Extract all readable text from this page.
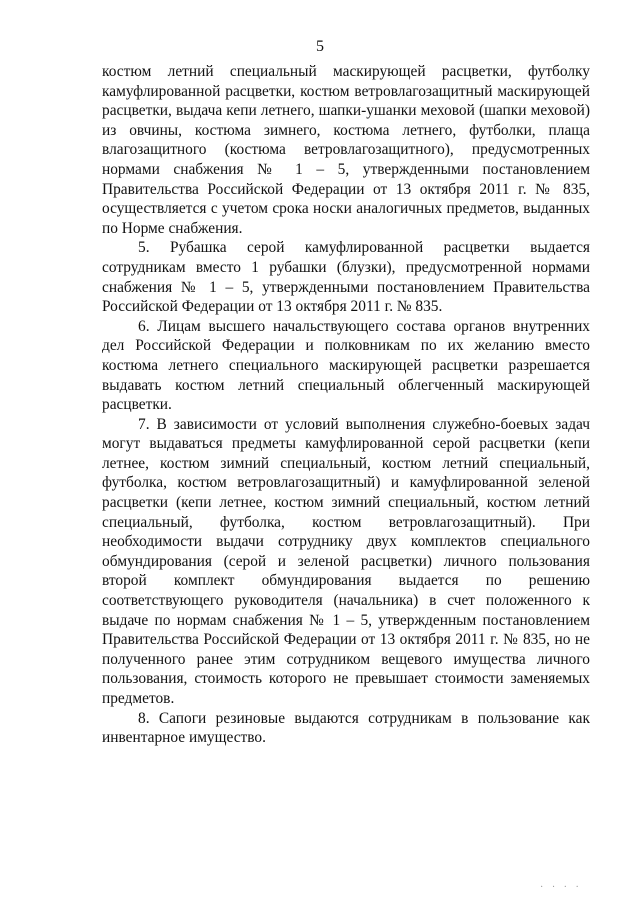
5

костюм летний специальный маскирующей расцветки, футболку камуфлированной расцветки, костюм ветровлагозащитный маскирующей расцветки, выдача кепи летнего, шапки-ушанки меховой (шапки меховой) из овчины, костюма зимнего, костюма летнего, футболки, плаща влагозащитного (костюма ветровлагозащитного), предусмотренных нормами снабжения № 1 – 5, утвержденными постановлением Правительства Российской Федерации от 13 октября 2011 г. № 835, осуществляется с учетом срока носки аналогичных предметов, выданных по Норме снабжения.

5. Рубашка серой камуфлированной расцветки выдается сотрудникам вместо 1 рубашки (блузки), предусмотренной нормами снабжения № 1 – 5, утвержденными постановлением Правительства Российской Федерации от 13 октября 2011 г. № 835.

6. Лицам высшего начальствующего состава органов внутренних дел Российской Федерации и полковникам по их желанию вместо костюма летнего специального маскирующей расцветки разрешается выдавать костюм летний специальный облегченный маскирующей расцветки.

7. В зависимости от условий выполнения служебно-боевых задач могут выдаваться предметы камуфлированной серой расцветки (кепи летнее, костюм зимний специальный, костюм летний специальный, футболка, костюм ветровлагозащитный) и камуфлированной зеленой расцветки (кепи летнее, костюм зимний специальный, костюм летний специальный, футболка, костюм ветровлагозащитный). При необходимости выдачи сотруднику двух комплектов специального обмундирования (серой и зеленой расцветки) личного пользования второй комплект обмундирования выдается по решению соответствующего руководителя (начальника) в счет положенного к выдаче по нормам снабжения № 1 – 5, утвержденным постановлением Правительства Российской Федерации от 13 октября 2011 г. № 835, но не полученного ранее этим сотрудником вещевого имущества личного пользования, стоимость которого не превышает стоимости заменяемых предметов.

8. Сапоги резиновые выдаются сотрудникам в пользование как инвентарное имущество.

· · · ·
